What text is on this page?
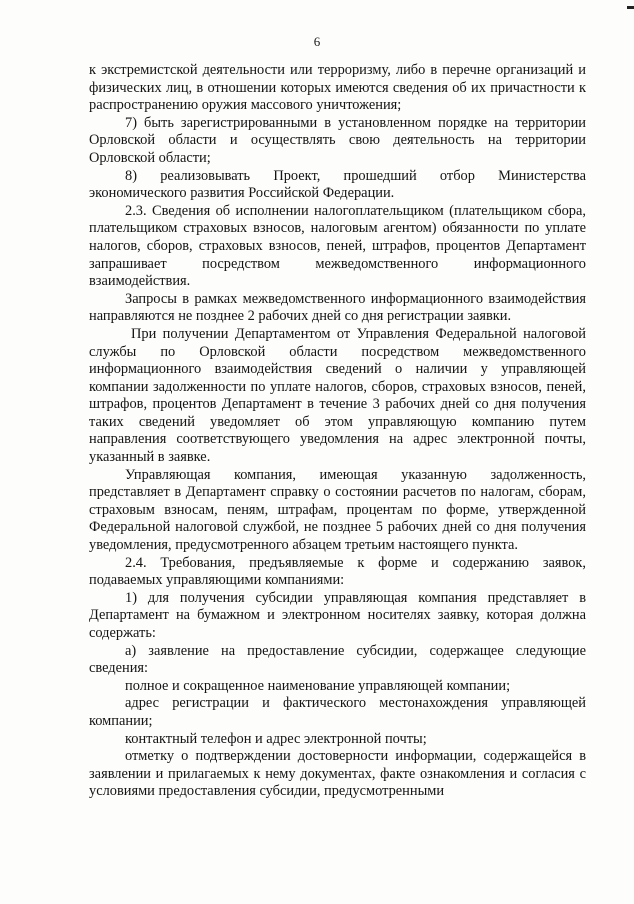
6

к экстремистской деятельности или терроризму, либо в перечне организаций и физических лиц, в отношении которых имеются сведения об их причастности к распространению оружия массового уничтожения;

7) быть зарегистрированными в установленном порядке на территории Орловской области и осуществлять свою деятельность на территории Орловской области;

8) реализовывать Проект, прошедший отбор Министерства экономического развития Российской Федерации.

2.3. Сведения об исполнении налогоплательщиком (плательщиком сбора, плательщиком страховых взносов, налоговым агентом) обязанности по уплате налогов, сборов, страховых взносов, пеней, штрафов, процентов Департамент запрашивает посредством межведомственного информационного взаимодействия.

Запросы в рамках межведомственного информационного взаимодействия направляются не позднее 2 рабочих дней со дня регистрации заявки.

При получении Департаментом от Управления Федеральной налоговой службы по Орловской области посредством межведомственного информационного взаимодействия сведений о наличии у управляющей компании задолженности по уплате налогов, сборов, страховых взносов, пеней, штрафов, процентов Департамент в течение 3 рабочих дней со дня получения таких сведений уведомляет об этом управляющую компанию путем направления соответствующего уведомления на адрес электронной почты, указанный в заявке.

Управляющая компания, имеющая указанную задолженность, представляет в Департамент справку о состоянии расчетов по налогам, сборам, страховым взносам, пеням, штрафам, процентам по форме, утвержденной Федеральной налоговой службой, не позднее 5 рабочих дней со дня получения уведомления, предусмотренного абзацем третьим настоящего пункта.

2.4. Требования, предъявляемые к форме и содержанию заявок, подаваемых управляющими компаниями:

1) для получения субсидии управляющая компания представляет в Департамент на бумажном и электронном носителях заявку, которая должна содержать:

а) заявление на предоставление субсидии, содержащее следующие сведения:

полное и сокращенное наименование управляющей компании;

адрес регистрации и фактического местонахождения управляющей компании;

контактный телефон и адрес электронной почты;

отметку о подтверждении достоверности информации, содержащейся в заявлении и прилагаемых к нему документах, факте ознакомления и согласия с условиями предоставления субсидии, предусмотренными
